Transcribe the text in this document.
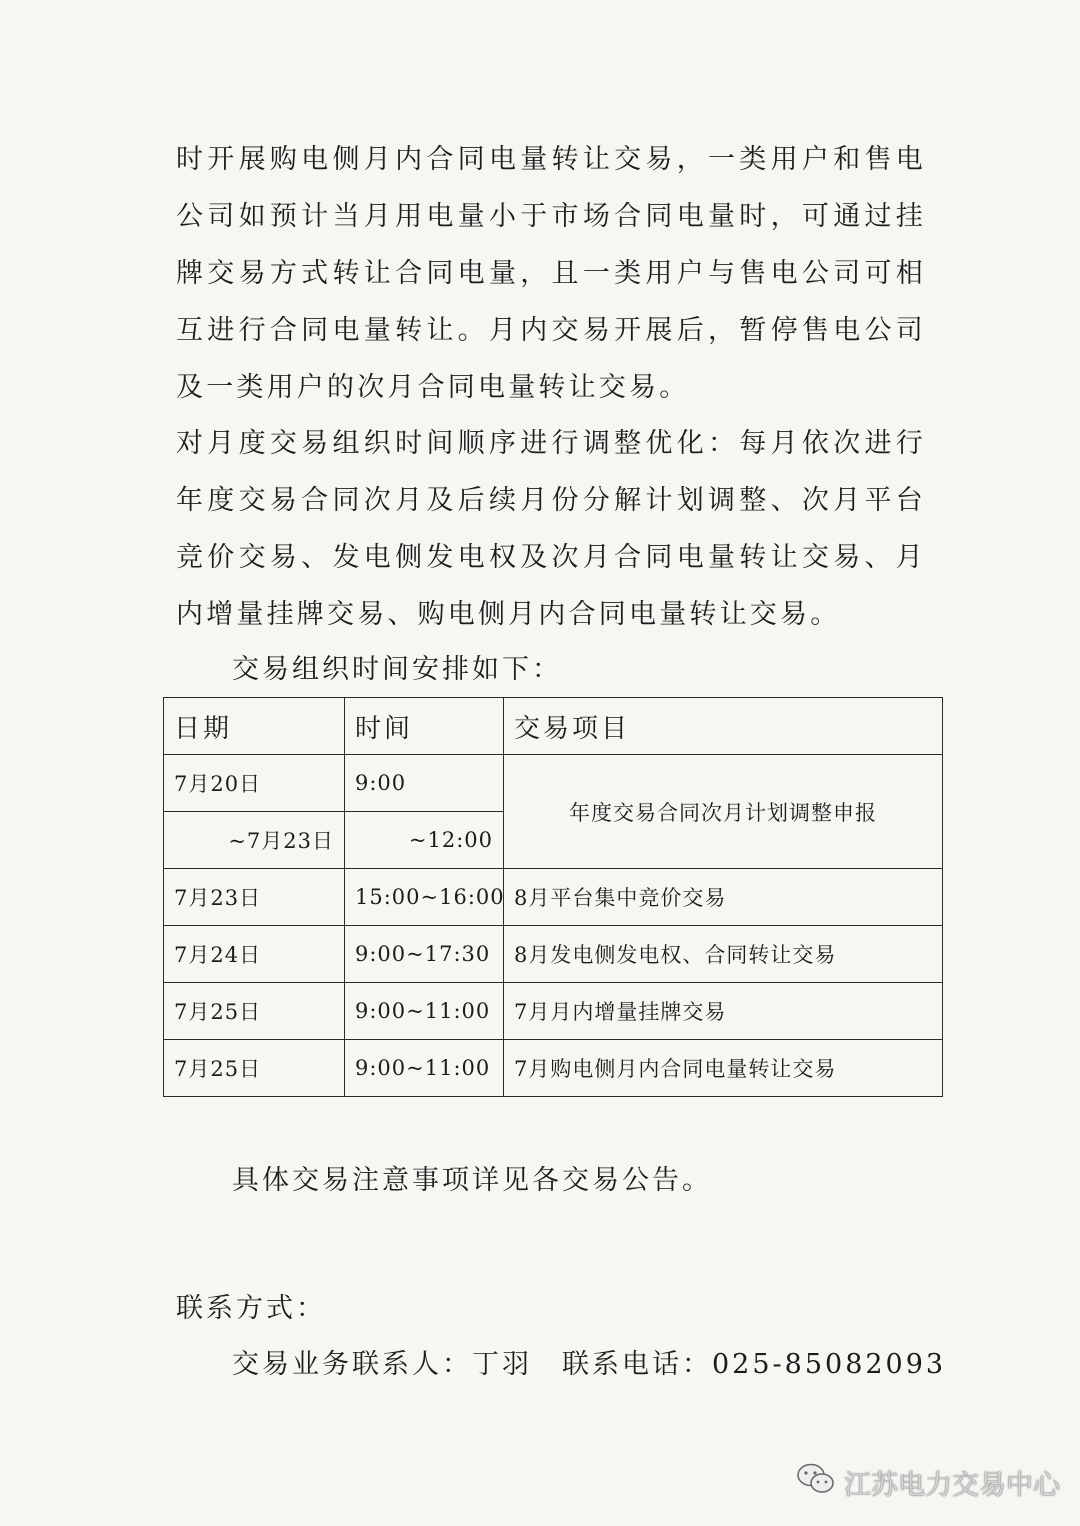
时开展购电侧月内合同电量转让交易，一类用户和售电公司如预计当月用电量小于市场合同电量时，可通过挂牌交易方式转让合同电量，且一类用户与售电公司可相互进行合同电量转让。月内交易开展后，暂停售电公司及一类用户的次月合同电量转让交易。

对月度交易组织时间顺序进行调整优化：每月依次进行年度交易合同次月及后续月份分解计划调整、次月平台竞价交易、发电侧发电权及次月合同电量转让交易、月内增量挂牌交易、购电侧月内合同电量转让交易。

交易组织时间安排如下：

日期	时间	交易项目
7月20日	9:00	年度交易合同次月计划调整申报
~7月23日	~12:00	
7月23日	15:00~16:00	8月平台集中竞价交易
7月24日	9:00~17:30	8月发电侧发电权、合同转让交易
7月25日	9:00~11:00	7月月内增量挂牌交易
7月25日	9:00~11:00	7月购电侧月内合同电量转让交易

具体交易注意事项详见各交易公告。

联系方式：

交易业务联系人：丁羽 联系电话：025-85082093

江苏电力交易中心
